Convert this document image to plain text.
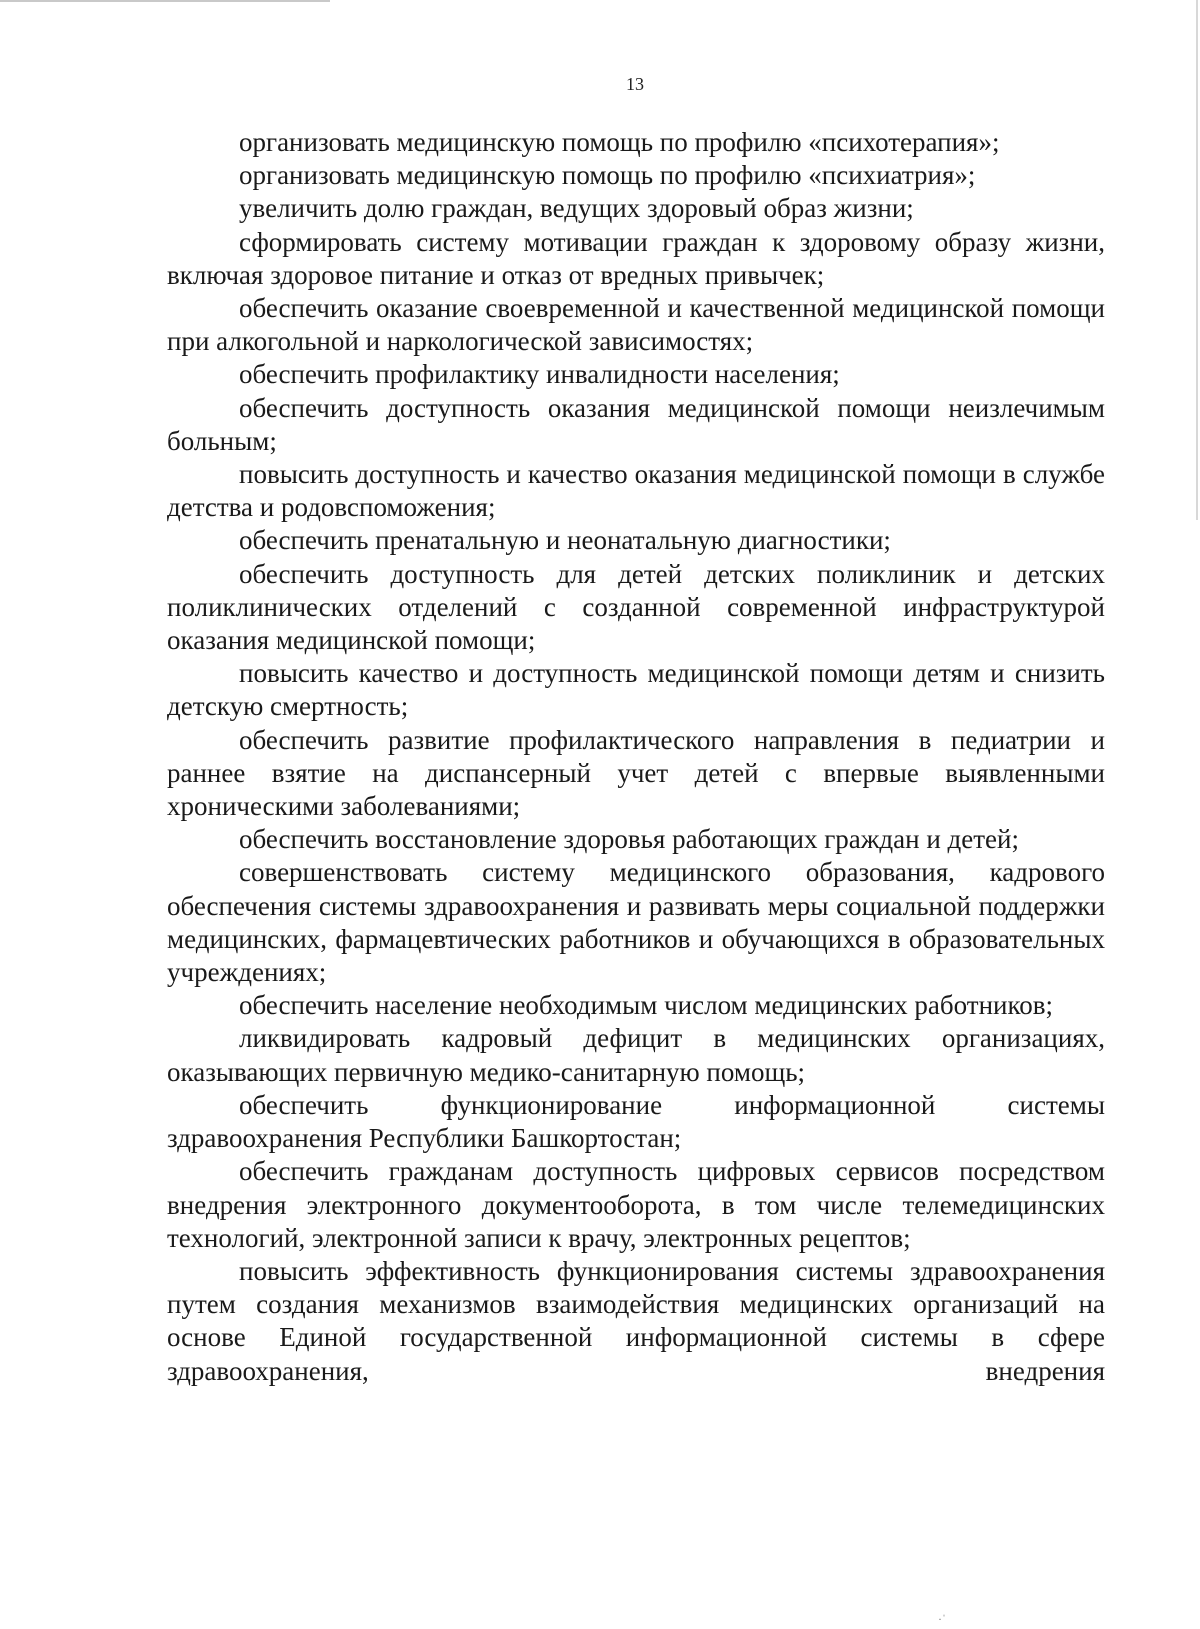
13

организовать медицинскую помощь по профилю «психотерапия»;

организовать медицинскую помощь по профилю «психиатрия»;

увеличить долю граждан, ведущих здоровый образ жизни;

сформировать систему мотивации граждан к здоровому образу жизни, включая здоровое питание и отказ от вредных привычек;

обеспечить оказание своевременной и качественной медицинской помощи при алкогольной и наркологической зависимостях;

обеспечить профилактику инвалидности населения;

обеспечить доступность оказания медицинской помощи неизлечимым больным;

повысить доступность и качество оказания медицинской помощи в службе детства и родовспоможения;

обеспечить пренатальную и неонатальную диагностики;

обеспечить доступность для детей детских поликлиник и детских поликлинических отделений с созданной современной инфраструктурой оказания медицинской помощи;

повысить качество и доступность медицинской помощи детям и снизить детскую смертность;

обеспечить развитие профилактического направления в педиатрии и раннее взятие на диспансерный учет детей с впервые выявленными хроническими заболеваниями;

обеспечить восстановление здоровья работающих граждан и детей;

совершенствовать систему медицинского образования, кадрового обеспечения системы здравоохранения и развивать меры социальной поддержки медицинских, фармацевтических работников и обучающихся в образовательных учреждениях;

обеспечить население необходимым числом медицинских работников;

ликвидировать кадровый дефицит в медицинских организациях, оказывающих первичную медико-санитарную помощь;

обеспечить функционирование информационной системы здравоохранения Республики Башкортостан;

обеспечить гражданам доступность цифровых сервисов посредством внедрения электронного документооборота, в том числе телемедицинских технологий, электронной записи к врачу, электронных рецептов;

повысить эффективность функционирования системы здравоохранения путем создания механизмов взаимодействия медицинских организаций на основе Единой государственной информационной системы в сфере здравоохранения, внедрения

·ˈ
